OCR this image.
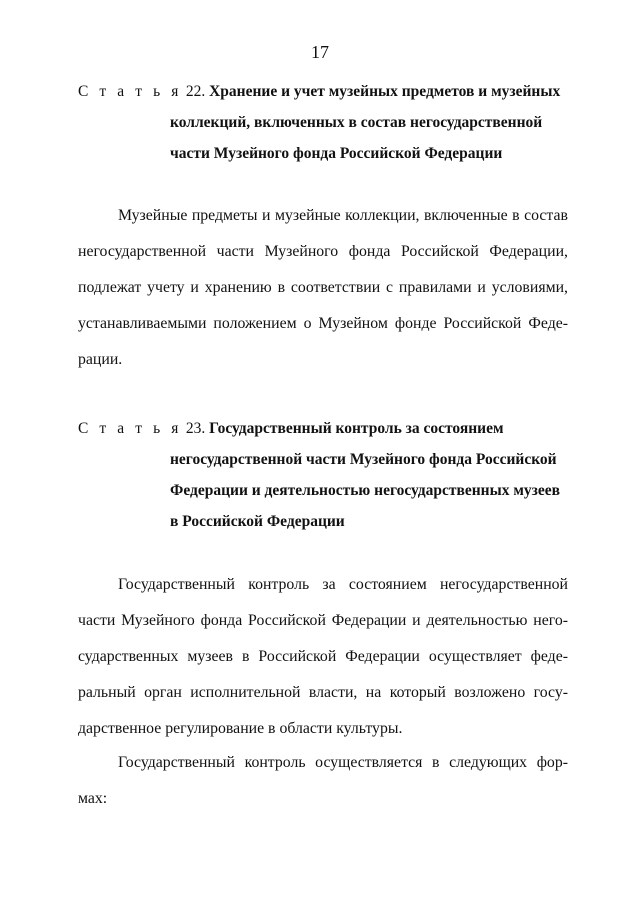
17
С т а т ь я 22. Хранение и учет музейных предметов и музейных
коллекций, включенных в состав негосударственной
части Музейного фонда Российской Федерации
Музейные предметы и музейные коллекции, включенные в состав
негосударственной части Музейного фонда Российской Федерации,
подлежат учету и хранению в соответствии с правилами и условиями,
устанавливаемыми положением о Музейном фонде Российской Феде-
рации.
С т а т ь я 23. Государственный контроль за состоянием
негосударственной части Музейного фонда Российской
Федерации и деятельностью негосударственных музеев
в Российской Федерации
Государственный контроль за состоянием негосударственной
части Музейного фонда Российской Федерации и деятельностью него-
сударственных музеев в Российской Федерации осуществляет феде-
ральный орган исполнительной власти, на который возложено госу-
дарственное регулирование в области культуры.
Государственный контроль осуществляется в следующих фор-
мах:
